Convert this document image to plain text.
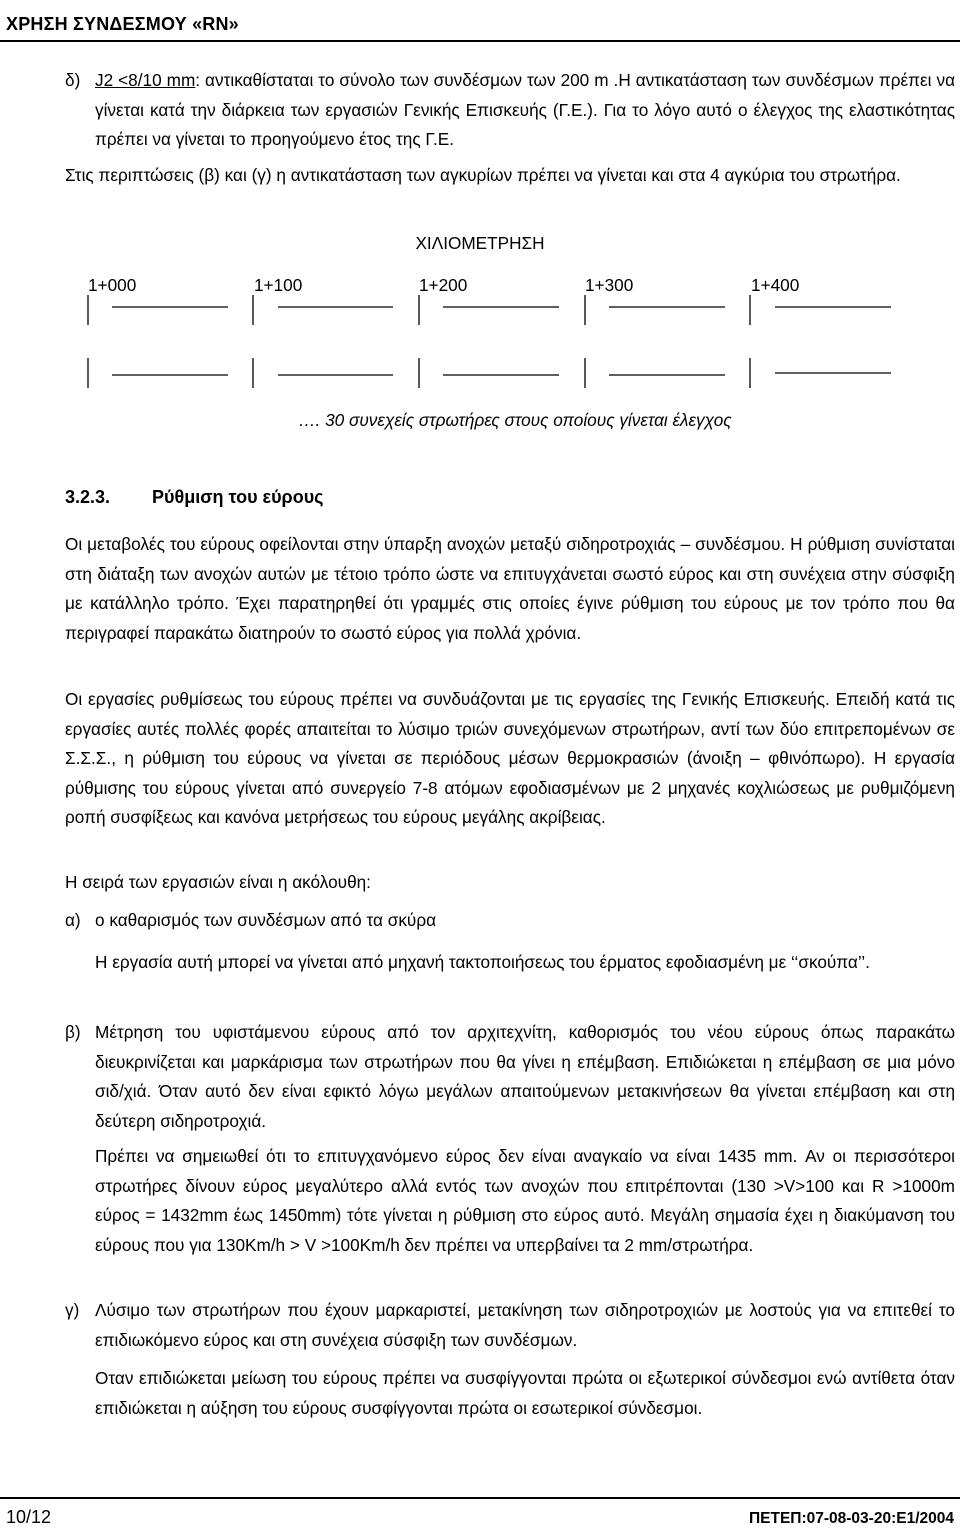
ΧΡΗΣΗ ΣΥΝΔΕΣΜΟΥ «RN»
δ) J2 <8/10 mm: αντικαθίσταται το σύνολο των συνδέσμων των 200 m .Η αντικατάσταση των συνδέσμων πρέπει να γίνεται κατά την διάρκεια των εργασιών Γενικής Επισκευής (Γ.Ε.). Για το λόγο αυτό ο έλεγχος της ελαστικότητας πρέπει να γίνεται το προηγούμενο έτος της Γ.Ε.

Στις περιπτώσεις (β) και (γ) η αντικατάσταση των αγκυρίων πρέπει να γίνεται και στα 4 αγκύρια του στρωτήρα.

ΧΙΛΙΟΜΕΤΡΗΣΗ
1+000	1+100	1+200	1+300	1+400
…. 30 συνεχείς στρωτήρες στους οποίους γίνεται έλεγχος
3.2.3. Ρύθμιση του εύρους

Οι μεταβολές του εύρους οφείλονται στην ύπαρξη ανοχών μεταξύ σιδηροτροχιάς – συνδέσμου. Η ρύθμιση συνίσταται στη διάταξη των ανοχών αυτών με τέτοιο τρόπο ώστε να επιτυγχάνεται σωστό εύρος και στη συνέχεια στην σύσφιξη με κατάλληλο τρόπο. Έχει παρατηρηθεί ότι γραμμές στις οποίες έγινε ρύθμιση του εύρους με τον τρόπο που θα περιγραφεί παρακάτω διατηρούν το σωστό εύρος για πολλά χρόνια.

Οι εργασίες ρυθμίσεως του εύρους πρέπει να συνδυάζονται με τις εργασίες της Γενικής Επισκευής. Επειδή κατά τις εργασίες αυτές πολλές φορές απαιτείται το λύσιμο τριών συνεχόμενων στρωτήρων, αντί των δύο επιτρεπομένων σε Σ.Σ.Σ., η ρύθμιση του εύρους να γίνεται σε περιόδους μέσων θερμοκρασιών (άνοιξη – φθινόπωρο). Η εργασία ρύθμισης του εύρους γίνεται από συνεργείο 7-8 ατόμων εφοδιασμένων με 2 μηχανές κοχλιώσεως με ρυθμιζόμενη ροπή συσφίξεως και κανόνα μετρήσεως του εύρους μεγάλης ακρίβειας.

Η σειρά των εργασιών είναι η ακόλουθη:

α) ο καθαρισμός των συνδέσμων από τα σκύρα

Η εργασία αυτή μπορεί να γίνεται από μηχανή τακτοποιήσεως του έρματος εφοδιασμένη με ‘‘σκούπα’’.

β) Μέτρηση του υφιστάμενου εύρους από τον αρχιτεχνίτη, καθορισμός του νέου εύρους όπως παρακάτω διευκρινίζεται και μαρκάρισμα των στρωτήρων που θα γίνει η επέμβαση. Επιδιώκεται η επέμβαση σε μια μόνο σιδ/χιά. Όταν αυτό δεν είναι εφικτό λόγω μεγάλων απαιτούμενων μετακινήσεων θα γίνεται επέμβαση και στη δεύτερη σιδηροτροχιά.

Πρέπει να σημειωθεί ότι το επιτυγχανόμενο εύρος δεν είναι αναγκαίο να είναι 1435 mm. Αν οι περισσότεροι στρωτήρες δίνουν εύρος μεγαλύτερο αλλά εντός των ανοχών που επιτρέπονται (130 >V>100 και R >1000m εύρος = 1432mm έως 1450mm) τότε γίνεται η ρύθμιση στο εύρος αυτό. Μεγάλη σημασία έχει η διακύμανση του εύρους που για 130Km/h > V >100Km/h δεν πρέπει να υπερβαίνει τα 2 mm/στρωτήρα.

γ) Λύσιμο των στρωτήρων που έχουν μαρκαριστεί, μετακίνηση των σιδηροτροχιών με λοστούς για να επιτεθεί το επιδιωκόμενο εύρος και στη συνέχεια σύσφιξη των συνδέσμων.

Οταν επιδιώκεται μείωση του εύρους πρέπει να συσφίγγονται πρώτα οι εξωτερικοί σύνδεσμοι ενώ αντίθετα όταν επιδιώκεται η αύξηση του εύρους συσφίγγονται πρώτα οι εσωτερικοί σύνδεσμοι.

10/12	ΠΕΤΕΠ:07-08-03-20:Ε1/2004
